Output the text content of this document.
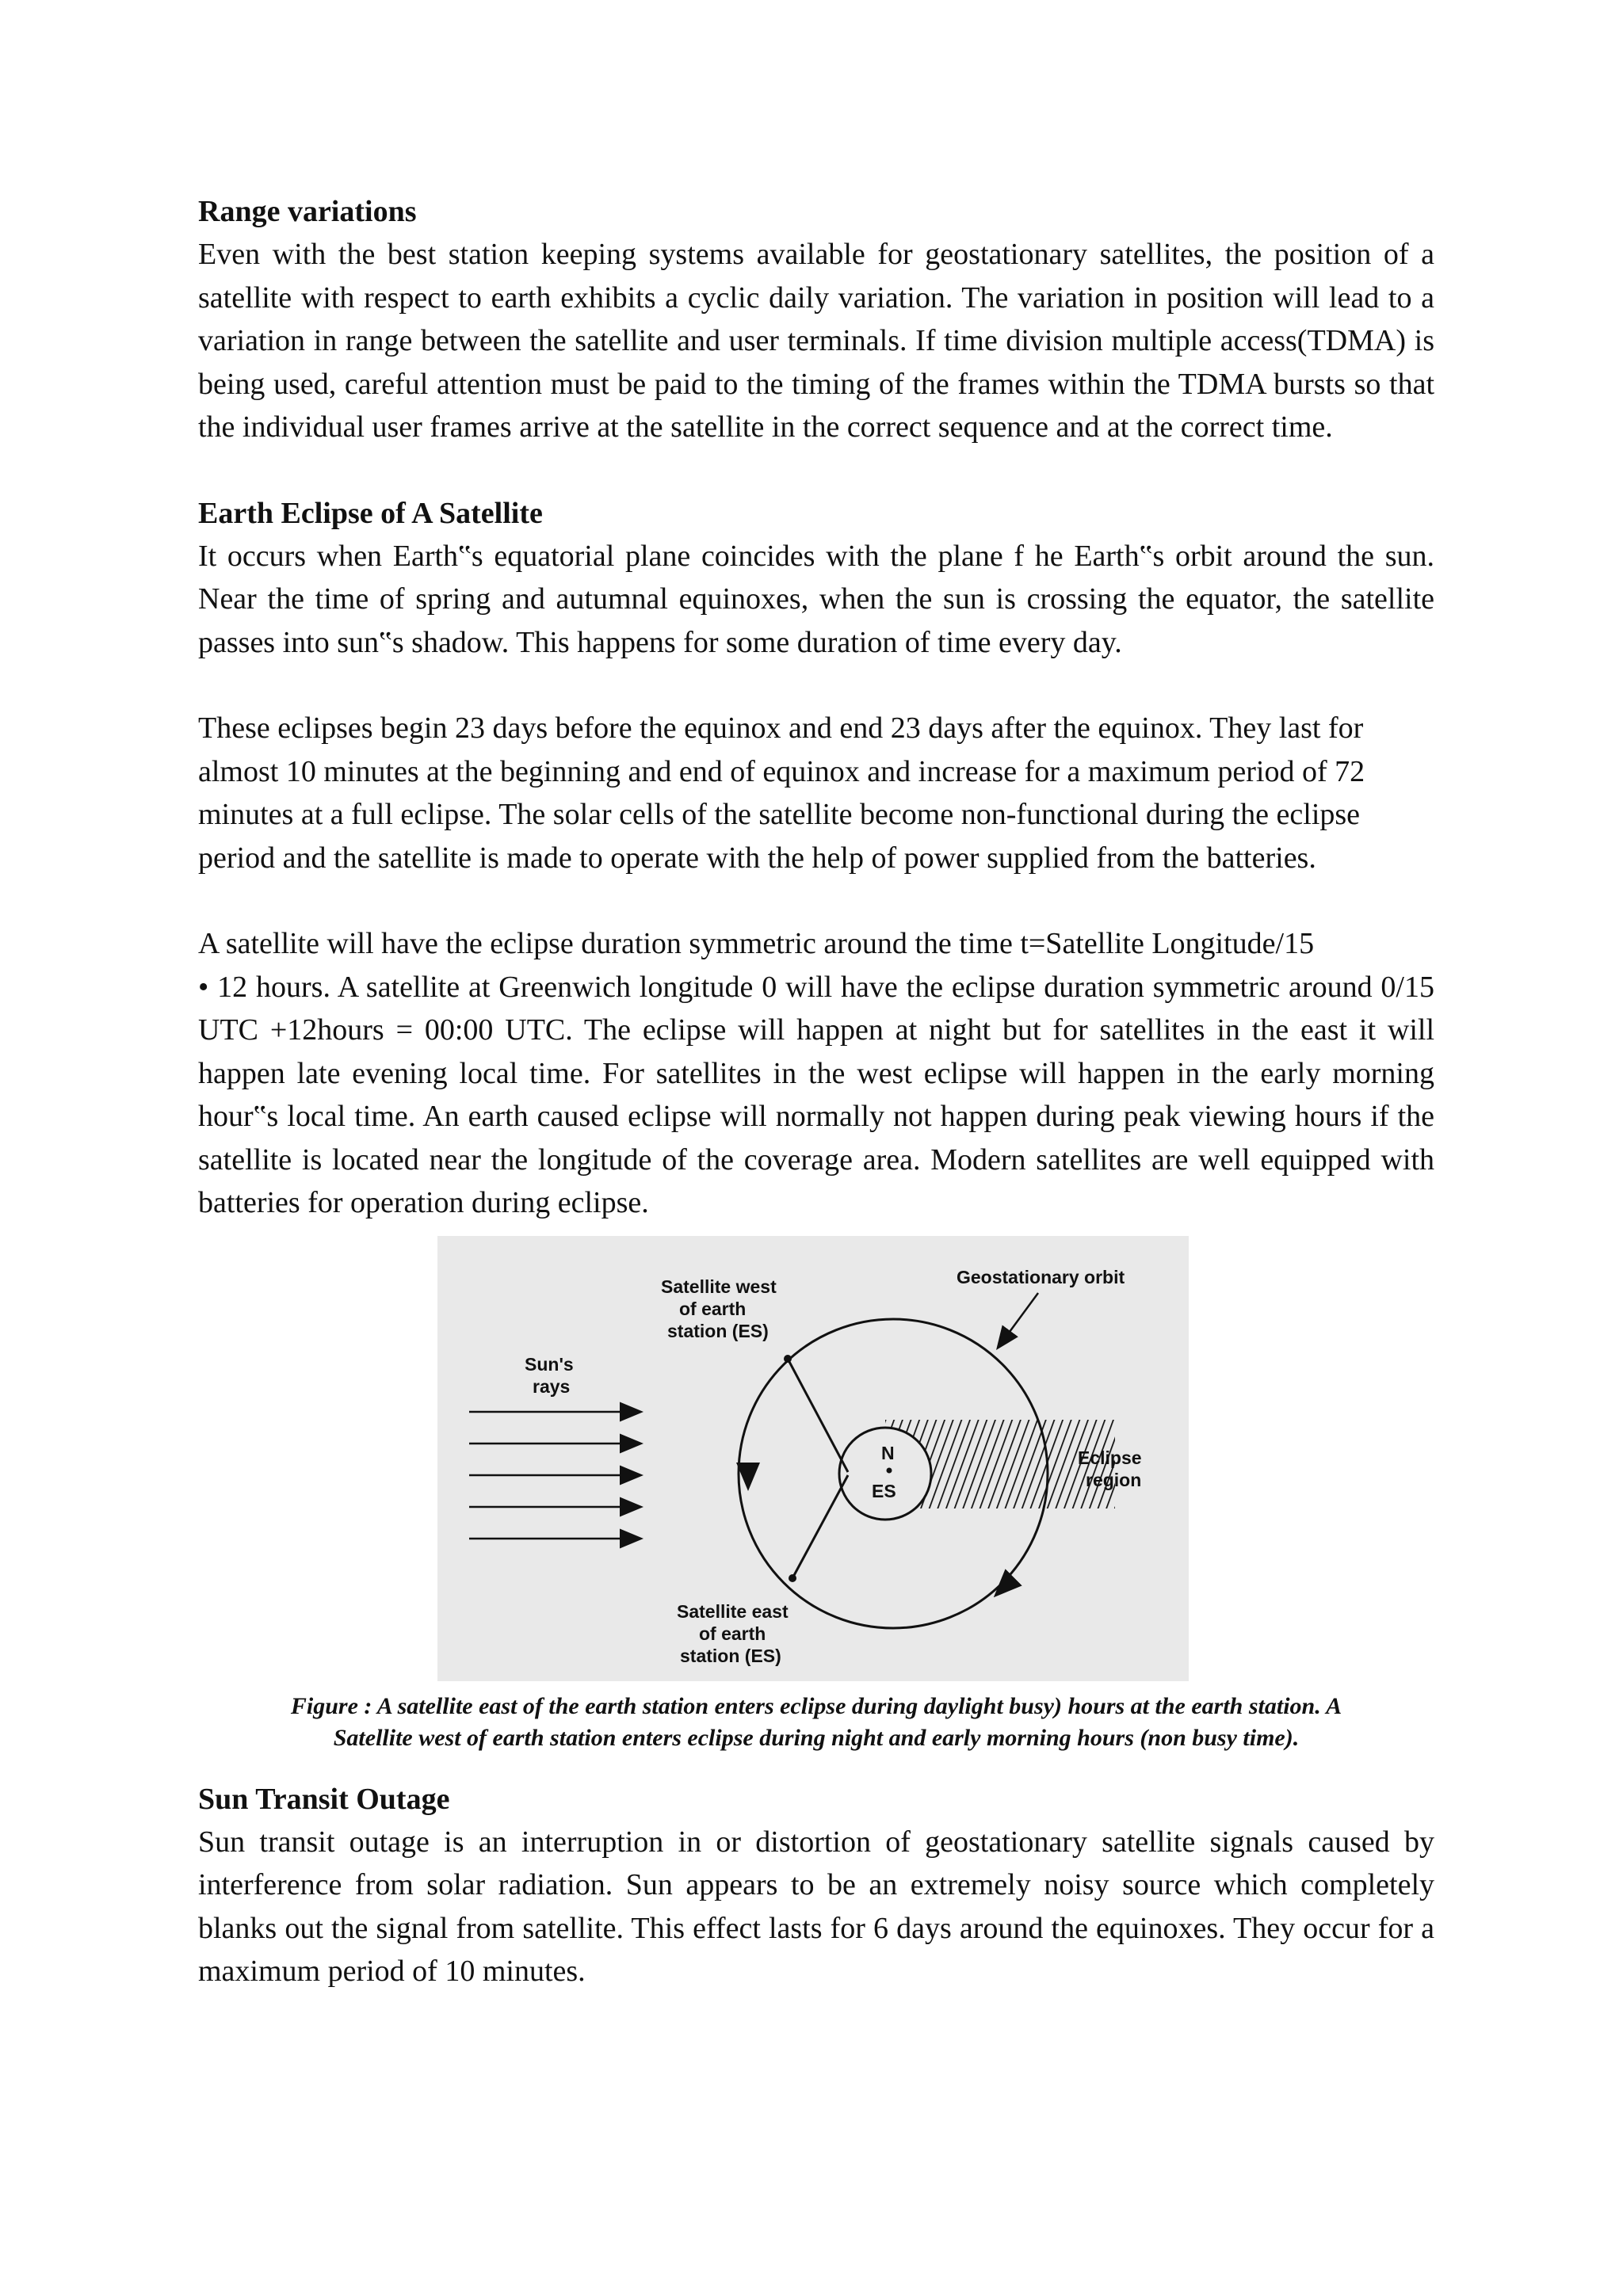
Range variations

Even with the best station keeping systems available for geostationary satellites, the position of a satellite with respect to earth exhibits a cyclic daily variation. The variation in position will lead to a variation in range between the satellite and user terminals. If time division multiple access(TDMA) is being used, careful attention must be paid to the timing of the frames within the TDMA bursts so that the individual user frames arrive at the satellite in the correct sequence and at the correct time.

Earth Eclipse of A Satellite

It occurs when Earth‟s equatorial plane coincides with the plane f he Earth‟s orbit around the sun. Near the time of spring and autumnal equinoxes, when the sun is crossing the equator, the satellite passes into sun‟s shadow. This happens for some duration of time every day.

These eclipses begin 23 days before the equinox and end 23 days after the equinox. They last for almost 10 minutes at the beginning and end of equinox and increase for a maximum period of 72 minutes at a full eclipse. The solar cells of the satellite become non-functional during the eclipse period and the satellite is made to operate with the help of power supplied from the batteries.

A satellite will have the eclipse duration symmetric around the time t=Satellite Longitude/15

• 12 hours. A satellite at Greenwich longitude 0 will have the eclipse duration symmetric around 0/15 UTC +12hours = 00:00 UTC. The eclipse will happen at night but for satellites in the east it will happen late evening local time. For satellites in the west eclipse will happen in the early morning hour‟s local time. An earth caused eclipse will normally not happen during peak viewing hours if the satellite is located near the longitude of the coverage area. Modern satellites are well equipped with batteries for operation during eclipse.

Sun's
rays
Satellite west
of earth
station (ES)
Geostationary orbit
N
ES
Eclipse
region
Satellite east
of earth
station (ES)
Figure : A satellite east of the earth station enters eclipse during daylight busy) hours at the earth station. A
Satellite west of earth station enters eclipse during night and early morning hours (non busy time).
Sun Transit Outage

Sun transit outage is an interruption in or distortion of geostationary satellite signals caused by interference from solar radiation. Sun appears to be an extremely noisy source which completely blanks out the signal from satellite. This effect lasts for 6 days around the equinoxes. They occur for a maximum period of 10 minutes.
